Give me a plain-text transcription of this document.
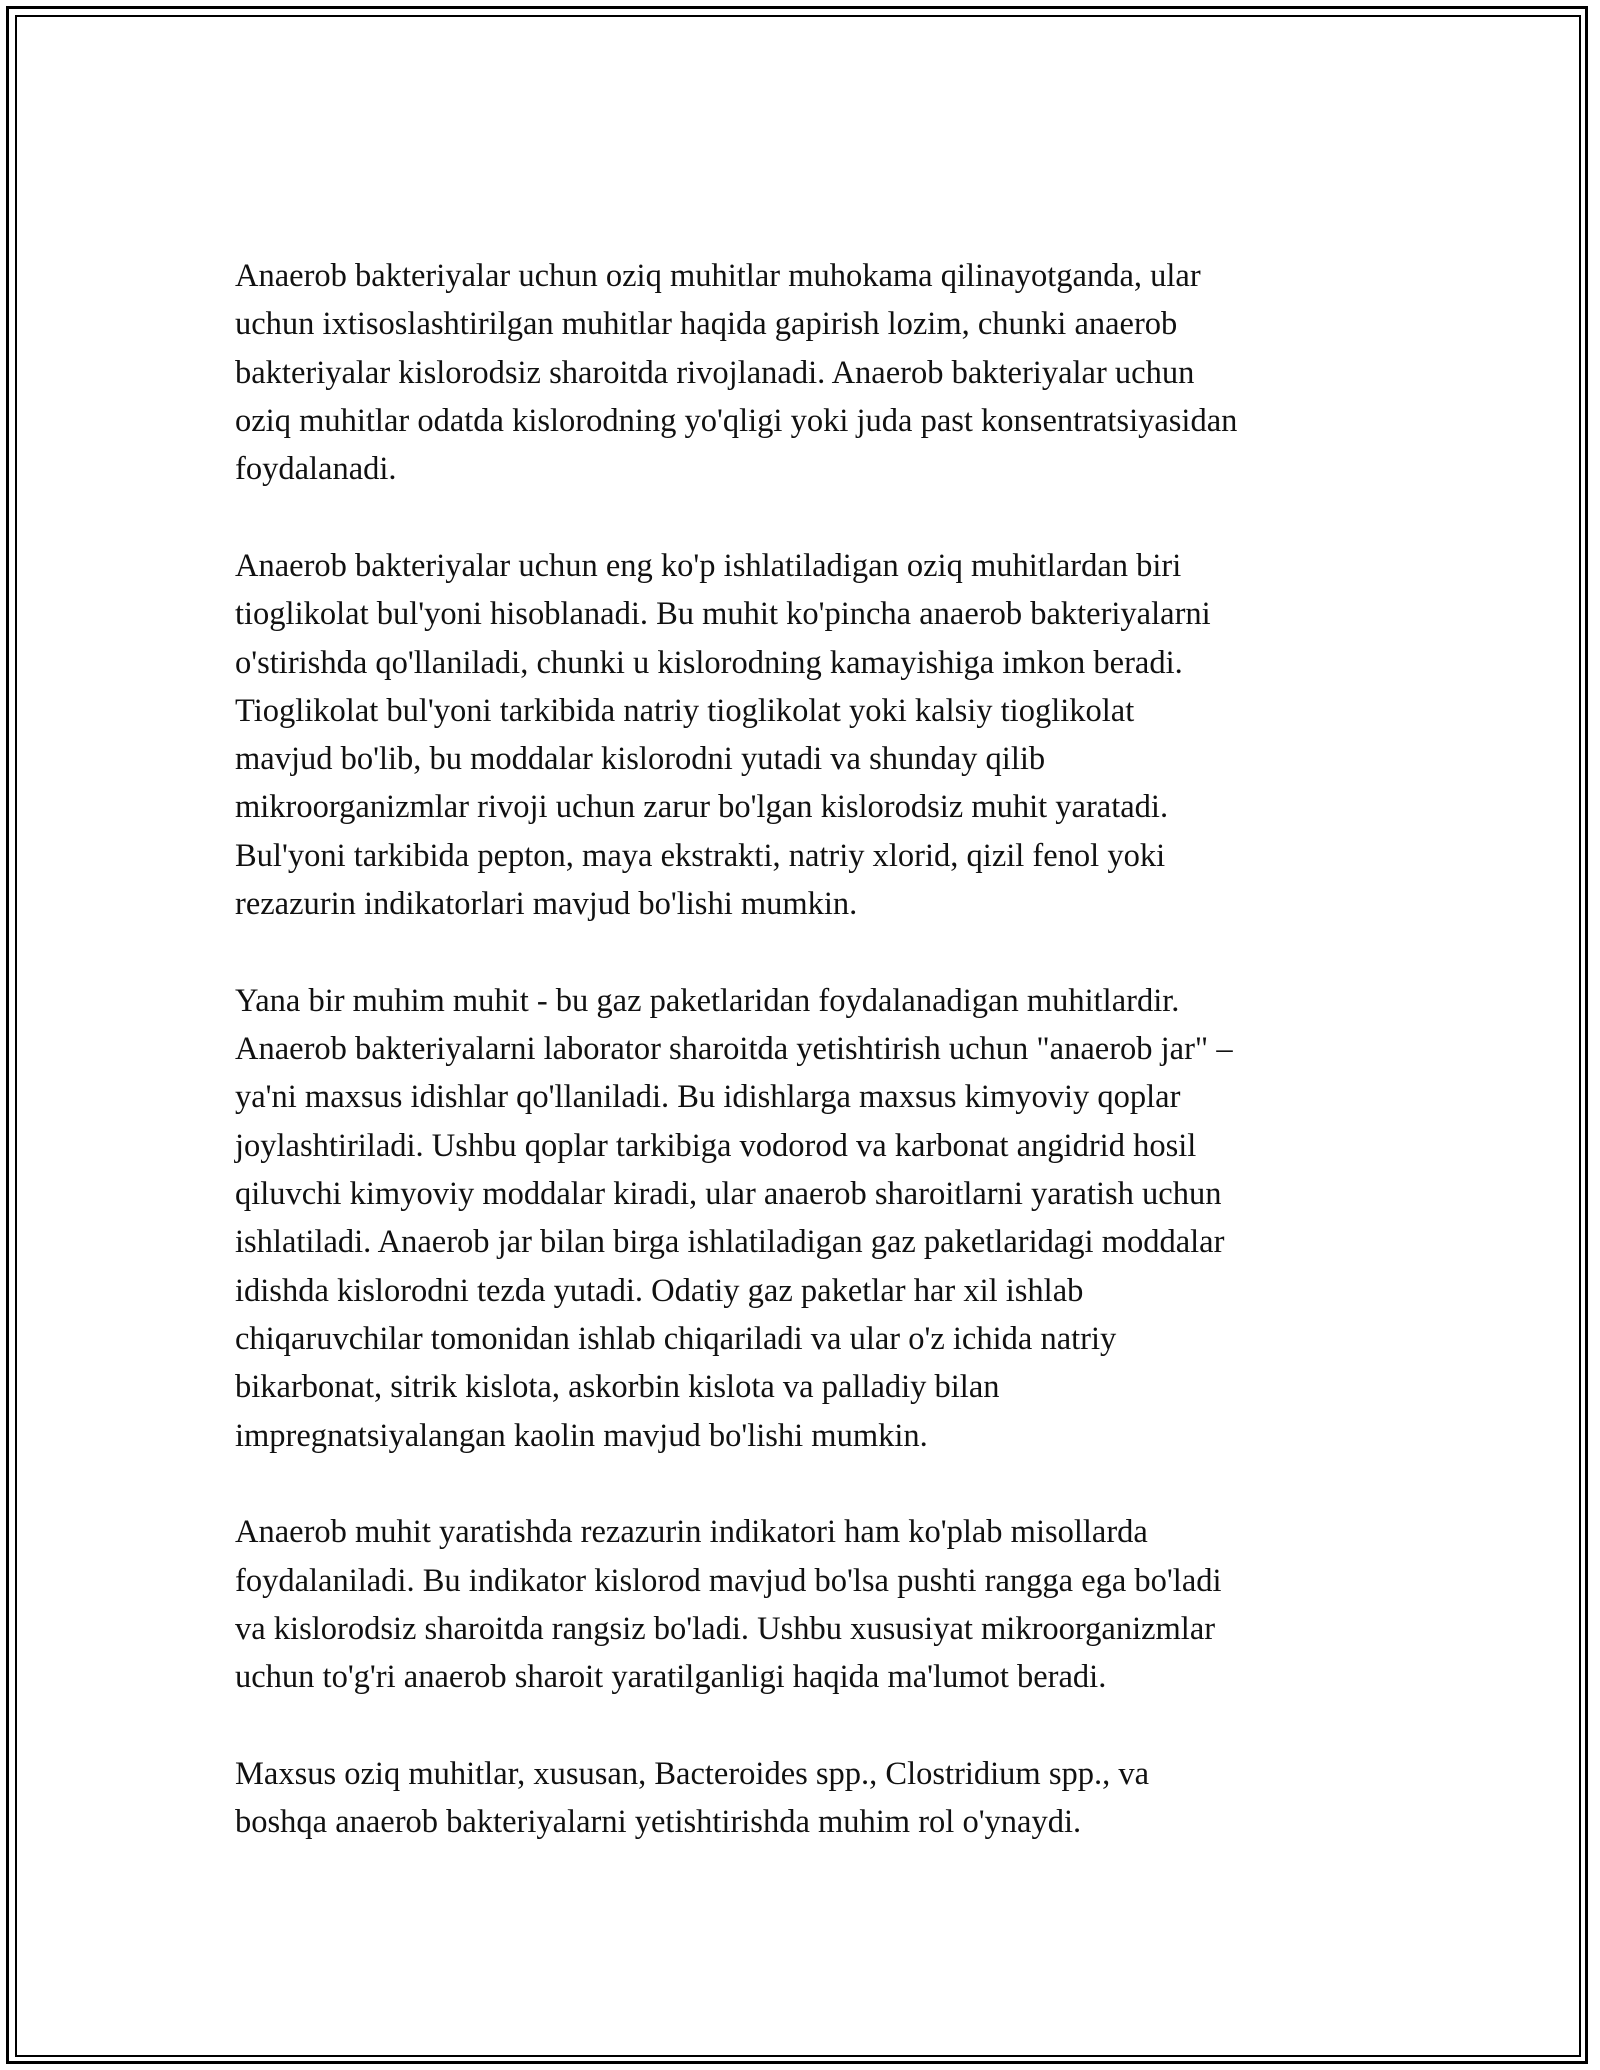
Anaerob bakteriyalar uchun oziq muhitlar muhokama qilinayotganda, ular
uchun ixtisoslashtirilgan muhitlar haqida gapirish lozim, chunki anaerob
bakteriyalar kislorodsiz sharoitda rivojlanadi. Anaerob bakteriyalar uchun
oziq muhitlar odatda kislorodning yo'qligi yoki juda past konsentratsiyasidan
foydalanadi.

Anaerob bakteriyalar uchun eng ko'p ishlatiladigan oziq muhitlardan biri
tioglikolat bul'yoni hisoblanadi. Bu muhit ko'pincha anaerob bakteriyalarni
o'stirishda qo'llaniladi, chunki u kislorodning kamayishiga imkon beradi.
Tioglikolat bul'yoni tarkibida natriy tioglikolat yoki kalsiy tioglikolat
mavjud bo'lib, bu moddalar kislorodni yutadi va shunday qilib
mikroorganizmlar rivoji uchun zarur bo'lgan kislorodsiz muhit yaratadi.
Bul'yoni tarkibida pepton, maya ekstrakti, natriy xlorid, qizil fenol yoki
rezazurin indikatorlari mavjud bo'lishi mumkin.

Yana bir muhim muhit - bu gaz paketlaridan foydalanadigan muhitlardir.
Anaerob bakteriyalarni laborator sharoitda yetishtirish uchun "anaerob jar" –
ya'ni maxsus idishlar qo'llaniladi. Bu idishlarga maxsus kimyoviy qoplar
joylashtiriladi. Ushbu qoplar tarkibiga vodorod va karbonat angidrid hosil
qiluvchi kimyoviy moddalar kiradi, ular anaerob sharoitlarni yaratish uchun
ishlatiladi. Anaerob jar bilan birga ishlatiladigan gaz paketlaridagi moddalar
idishda kislorodni tezda yutadi. Odatiy gaz paketlar har xil ishlab
chiqaruvchilar tomonidan ishlab chiqariladi va ular o'z ichida natriy
bikarbonat, sitrik kislota, askorbin kislota va palladiy bilan
impregnatsiyalangan kaolin mavjud bo'lishi mumkin.

Anaerob muhit yaratishda rezazurin indikatori ham ko'plab misollarda
foydalaniladi. Bu indikator kislorod mavjud bo'lsa pushti rangga ega bo'ladi
va kislorodsiz sharoitda rangsiz bo'ladi. Ushbu xususiyat mikroorganizmlar
uchun to'g'ri anaerob sharoit yaratilganligi haqida ma'lumot beradi.

Maxsus oziq muhitlar, xususan, Bacteroides spp., Clostridium spp., va
boshqa anaerob bakteriyalarni yetishtirishda muhim rol o'ynaydi.
